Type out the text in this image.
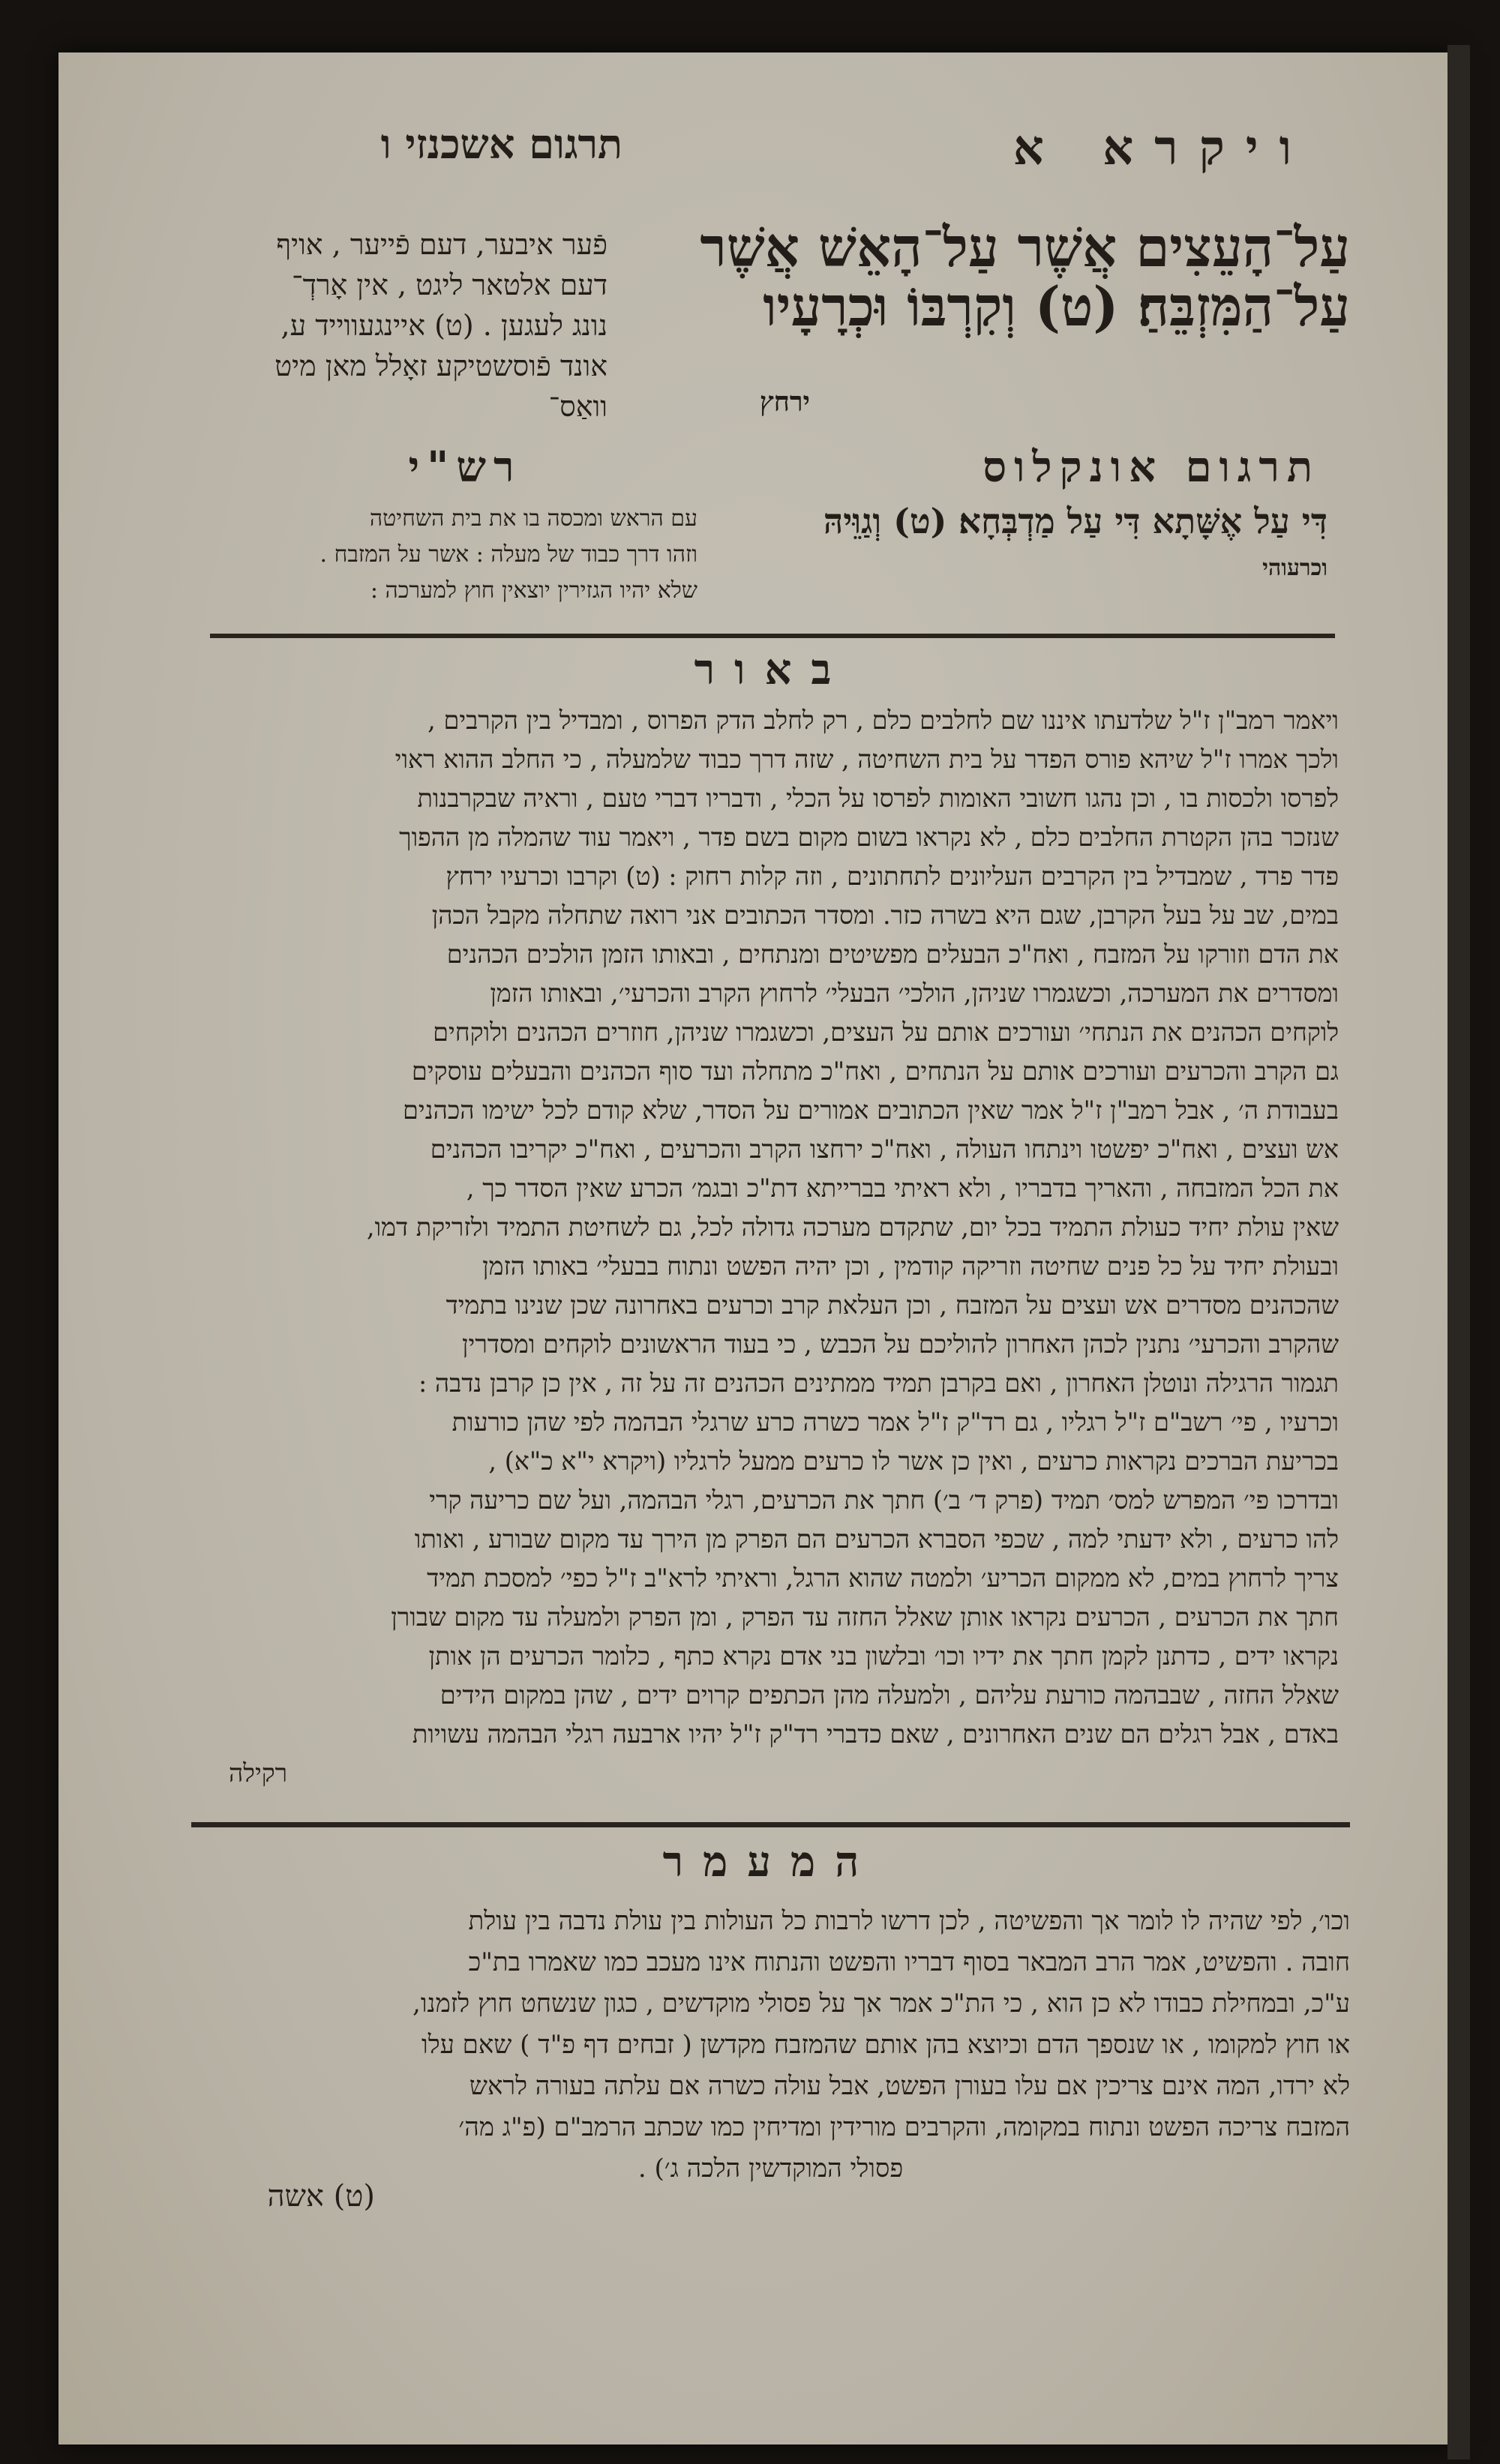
ויקרא א
תרגום אשכנזי ו
עַל־הָעֵצִים אֲשֶׁר עַל־הָאֵשׁ אֲשֶׁר
עַל־הַמִּזְבֵּחַ׃ (ט) וְקִרְבּוֹ וּכְרָעָיו
ירחץ
פֿער איבער, דעם פֿייער , אויף
דעם אלטאר ליגט , אין אָרדְ־
נונג לעגען . (ט) איינגעווייד ע,
אונד פֿוסשטיקע זאָלל מאן מיט
וואַס־
תרגום אונקלוס
דִּי עַל אֶשָּׁתָא דִּי עַל מַדְבְּחָא׃ (ט) וְגַוֵּיהּ
וכרעוהי
רש"י
עם הראש ומכסה בו את בית השחיטה
וזהו דרך כבוד של מעלה : אשר על המזבח .
שלא יהיו הגזירין יוצאין חוץ למערכה :
באור
ויאמר רמב"ן ז"ל שלדעתו איננו שם לחלבים כלם , רק לחלב הדק הפרוס , ומבדיל בין הקרבים ,
ולכך אמרו ז"ל שיהא פורס הפדר על בית השחיטה , שזה דרך כבוד שלמעלה , כי החלב ההוא ראוי
לפרסו ולכסות בו , וכן נהגו חשובי האומות לפרסו על הכלי , ודבריו דברי טעם , וראיה שבקרבנות
שנזכר בהן הקטרת החלבים כלם , לא נקראו בשום מקום בשם פדר , ויאמר עוד שהמלה מן ההפוך
פדר פרד , שמבדיל בין הקרבים העליונים לתחתונים , וזה קלות רחוק : (ט) וקרבו וכרעיו ירחץ
במים, שב על בעל הקרבן, שגם היא בשרה כזר. ומסדר הכתובים אני רואה שתחלה מקבל הכהן
את הדם וזורקו על המזבח , ואח"כ הבעלים מפשיטים ומנתחים , ובאותו הזמן הולכים הכהנים
ומסדרים את המערכה, וכשגמרו שניהן, הולכי׳ הבעלי׳ לרחוץ הקרב והכרעי׳, ובאותו הזמן
לוקחים הכהנים את הנתחי׳ ועורכים אותם על העצים, וכשגמרו שניהן, חוזרים הכהנים ולוקחים
גם הקרב והכרעים ועורכים אותם על הנתחים , ואח"כ מתחלה ועד סוף הכהנים והבעלים עוסקים
בעבודת ה׳ , אבל רמב"ן ז"ל אמר שאין הכתובים אמורים על הסדר, שלא קודם לכל ישימו הכהנים
אש ועצים , ואח"כ יפשטו וינתחו העולה , ואח"כ ירחצו הקרב והכרעים , ואח"כ יקריבו הכהנים
את הכל המזבחה , והאריך בדבריו , ולא ראיתי בברייתא דת"כ ובגמ׳ הכרע שאין הסדר כך ,
שאין עולת יחיד כעולת התמיד בכל יום, שתקדם מערכה גדולה לכל, גם לשחיטת התמיד ולזריקת דמו,
ובעולת יחיד על כל פנים שחיטה וזריקה קודמין , וכן יהיה הפשט ונתוח בבעלי׳ באותו הזמן
שהכהנים מסדרים אש ועצים על המזבח , וכן העלאת קרב וכרעים באחרונה שכן שנינו בתמיד
שהקרב והכרעי׳ נתנין לכהן האחרון להוליכם על הכבש , כי בעוד הראשונים לוקחים ומסדרין
תגמור הרגילה ונוטלן האחרון , ואם בקרבן תמיד ממתינים הכהנים זה על זה , אין כן קרבן נדבה :
וכרעיו , פי׳ רשב"ם ז"ל רגליו , גם רד"ק ז"ל אמר כשרה כרע שרגלי הבהמה לפי שהן כורעות
בכריעת הברכים נקראות כרעים , ואין כן אשר לו כרעים ממעל לרגליו (ויקרא י"א כ"א) ,
ובדרכו פי׳ המפרש למס׳ תמיד (פרק ד׳ ב׳) חתך את הכרעים, רגלי הבהמה, ועל שם כריעה קרי
להו כרעים , ולא ידעתי למה , שכפי הסברא הכרעים הם הפרק מן הירך עד מקום שבורע , ואותו
צריך לרחוץ במים, לא ממקום הכריע׳ ולמטה שהוא הרגל, וראיתי לרא"ב ז"ל כפי׳ למסכת תמיד
חתך את הכרעים , הכרעים נקראו אותן שאלל החזה עד הפרק , ומן הפרק ולמעלה עד מקום שבורן
נקראו ידים , כדתנן לקמן חתך את ידיו וכו׳ ובלשון בני אדם נקרא כתף , כלומר הכרעים הן אותן
שאלל החזה , שבבהמה כורעת עליהם , ולמעלה מהן הכתפים קרוים ידים , שהן במקום הידים
באדם , אבל רגלים הם שנים האחרונים , שאם כדברי רד"ק ז"ל יהיו ארבעה רגלי הבהמה עשויות
רקילה
המעמר
וכו׳, לפי שהיה לו לומר אך והפשיטה , לכן דרשו לרבות כל העולות בין עולת נדבה בין עולת
חובה . והפשיט, אמר הרב המבאר בסוף דבריו והפשט והנתוח אינו מעכב כמו שאמרו בת"כ
ע"כ, ובמחילת כבודו לא כן הוא , כי הת"כ אמר אך על פסולי מוקדשים , כגון שנשחט חוץ לזמנו,
או חוץ למקומו , או שנספך הדם וכיוצא בהן אותם שהמזבח מקדשן ( זבחים דף פ"ד ) שאם עלו
לא ירדו, המה אינם צריכין אם עלו בעורן הפשט, אבל עולה כשרה אם עלתה בעורה לראש
המזבח צריכה הפשט ונתוח במקומה, והקרבים מורידין ומדיחין כמו שכתב הרמב"ם (פ"ג מה׳
פסולי המוקדשין הלכה ג׳) .
(ט) אשה
